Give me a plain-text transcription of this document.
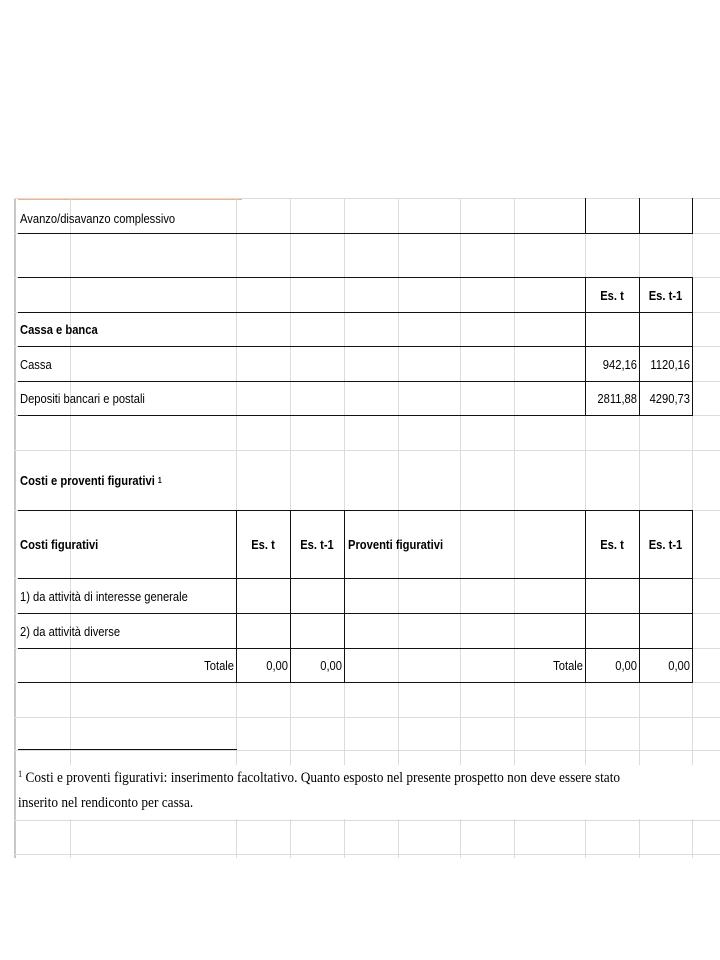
Avanzo/disavanzo complessivo
Es. t	Es. t-1
Cassa e banca
Cassa	942,16	1120,16
Depositi bancari e postali	2811,88 4290,73
Costi e proventi figurativi
1
Costi figurativi	Es. t	Es. t-1	Proventi figurativi	Es. t	Es. t-1
1) da attività di interesse generale
2) da attività diverse
Totale	0,00	0,00	Totale	0,00	0,00
$^1$ Costi e proventi figurativi: inserimento facoltativo. Quanto esposto nel presente prospetto non deve essere stato inserito nel rendiconto per cassa.
